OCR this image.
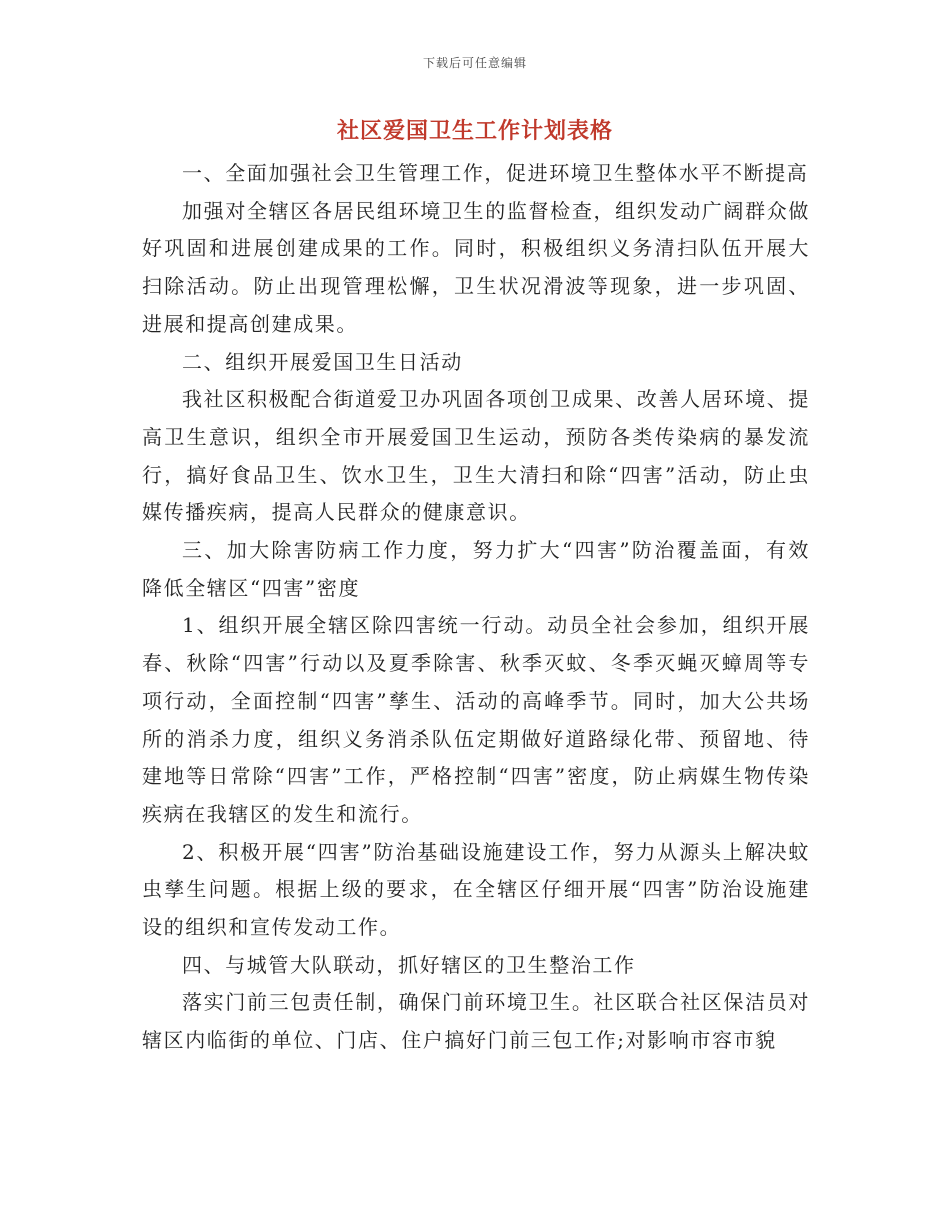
下载后可任意编辑
社区爱国卫生工作计划表格

一、全面加强社会卫生管理工作，促进环境卫生整体水平不断提高

加强对全辖区各居民组环境卫生的监督检查，组织发动广阔群众做好巩固和进展创建成果的工作。同时，积极组织义务清扫队伍开展大扫除活动。防止出现管理松懈，卫生状况滑波等现象，进一步巩固、进展和提高创建成果。

二、组织开展爱国卫生日活动

我社区积极配合街道爱卫办巩固各项创卫成果、改善人居环境、提高卫生意识，组织全市开展爱国卫生运动，预防各类传染病的暴发流行，搞好食品卫生、饮水卫生，卫生大清扫和除“四害”活动，防止虫媒传播疾病，提高人民群众的健康意识。

三、加大除害防病工作力度，努力扩大“四害”防治覆盖面，有效降低全辖区“四害”密度

1、组织开展全辖区除四害统一行动。动员全社会参加，组织开展春、秋除“四害”行动以及夏季除害、秋季灭蚊、冬季灭蝇灭蟑周等专项行动，全面控制“四害”孳生、活动的高峰季节。同时，加大公共场所的消杀力度，组织义务消杀队伍定期做好道路绿化带、预留地、待建地等日常除“四害”工作，严格控制“四害”密度，防止病媒生物传染疾病在我辖区的发生和流行。

2、积极开展“四害”防治基础设施建设工作，努力从源头上解决蚊虫孳生问题。根据上级的要求，在全辖区仔细开展“四害”防治设施建设的组织和宣传发动工作。

四、与城管大队联动，抓好辖区的卫生整治工作

落实门前三包责任制，确保门前环境卫生。社区联合社区保洁员对辖区内临街的单位、门店、住户搞好门前三包工作;对影响市容市貌
